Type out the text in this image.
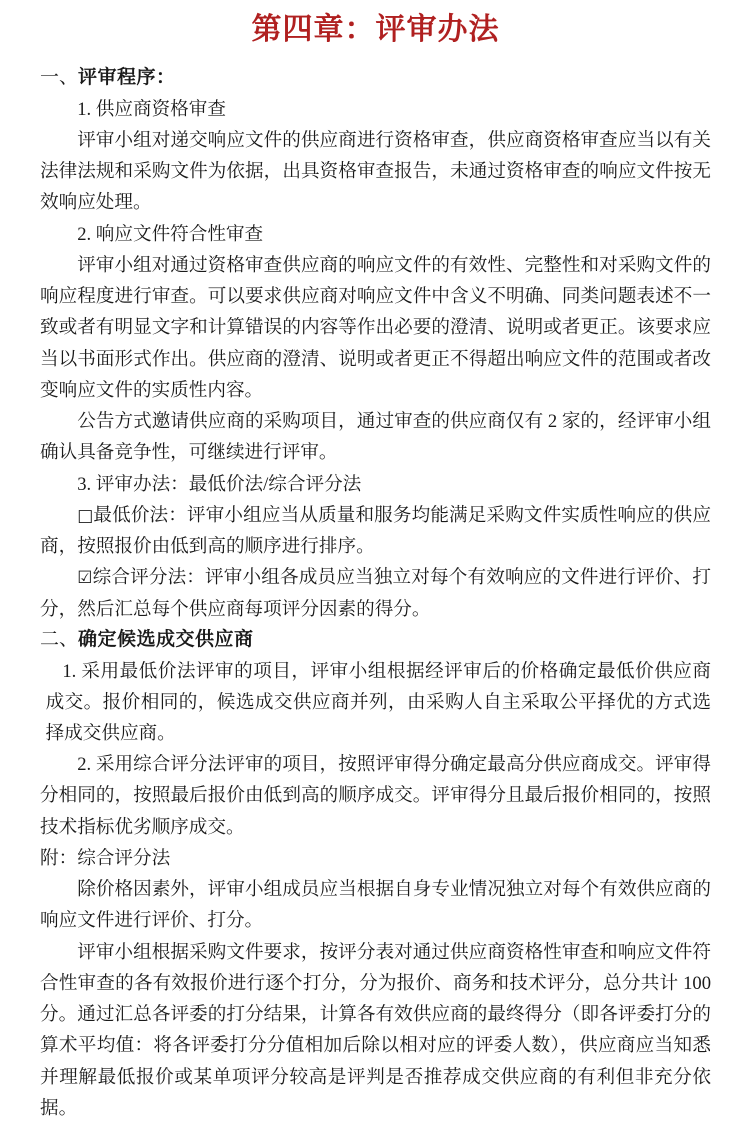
第四章：评审办法

一、评审程序：

1. 供应商资格审查

评审小组对递交响应文件的供应商进行资格审查，供应商资格审查应当以有关法律法规和采购文件为依据，出具资格审查报告，未通过资格审查的响应文件按无效响应处理。

2. 响应文件符合性审查

评审小组对通过资格审查供应商的响应文件的有效性、完整性和对采购文件的响应程度进行审查。可以要求供应商对响应文件中含义不明确、同类问题表述不一致或者有明显文字和计算错误的内容等作出必要的澄清、说明或者更正。该要求应当以书面形式作出。供应商的澄清、说明或者更正不得超出响应文件的范围或者改变响应文件的实质性内容。

公告方式邀请供应商的采购项目，通过审查的供应商仅有 2 家的，经评审小组确认具备竞争性，可继续进行评审。

3. 评审办法：最低价法/综合评分法

□最低价法：评审小组应当从质量和服务均能满足采购文件实质性响应的供应商，按照报价由低到高的顺序进行排序。

☑综合评分法：评审小组各成员应当独立对每个有效响应的文件进行评价、打分，然后汇总每个供应商每项评分因素的得分。

二、确定候选成交供应商

1. 采用最低价法评审的项目，评审小组根据经评审后的价格确定最低价供应商成交。报价相同的，候选成交供应商并列，由采购人自主采取公平择优的方式选择成交供应商。

2. 采用综合评分法评审的项目，按照评审得分确定最高分供应商成交。评审得分相同的，按照最后报价由低到高的顺序成交。评审得分且最后报价相同的，按照技术指标优劣顺序成交。

附：综合评分法

除价格因素外，评审小组成员应当根据自身专业情况独立对每个有效供应商的响应文件进行评价、打分。

评审小组根据采购文件要求，按评分表对通过供应商资格性审查和响应文件符合性审查的各有效报价进行逐个打分，分为报价、商务和技术评分，总分共计 100 分。通过汇总各评委的打分结果，计算各有效供应商的最终得分（即各评委打分的算术平均值：将各评委打分分值相加后除以相对应的评委人数），供应商应当知悉并理解最低报价或某单项评分较高是评判是否推荐成交供应商的有利但非充分依据。
